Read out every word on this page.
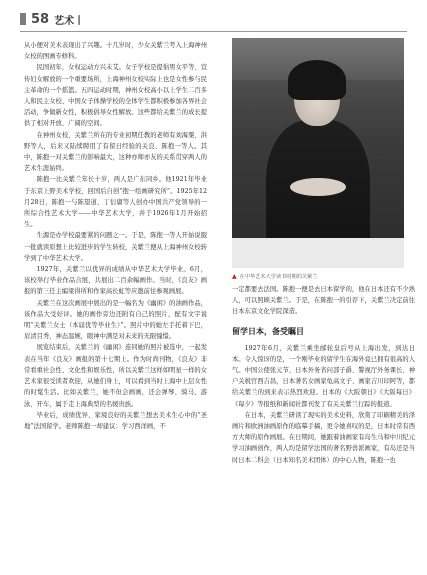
58 艺术丨

从小便对美术表现出了兴趣。十几岁时，少女关紫兰考入上海神州女校的图画专修科。

民国初年，女权运动方兴未艾。女子学校是提倡男女平等、宣传妇女解放的一个重要场所，上海神州女校实际上也是女性参与民主革命的一个摇篮。五四运动时期，神州女校高小以上学生二百多人和民主女校、中国女子体操学校的全体学生都积极参加各界社会活动，争做新女性，积极倡导女性解放。这些都给关紫兰的成长提供了相对开放、广阔的空间。

在神州女校，关紫兰所在的专业初期任教的老师有刘海粟、洪野等人，后来又陆续聘用了有留日经验的关良、陈抱一等人。其中，陈抱一对关紫兰的影响最大，这种亦师亦友的关系贯穿两人的艺术生涯始终。

陈抱一比关紫兰年长十岁，两人是广东同乡。他1921年毕业于东京上野美术学校，回国后自创“抱一绘画研究所”。1925年12月28日，陈抱一与陈望道、丁衍庸等人创办中国共产党领导的一所综合性艺术大学——中华艺术大学，并于1926年1月开始招生。

生源是办学校最要紧的问题之一。于是，陈抱一等人开始说服一批就读原想上比较进步的学生转校，关紫兰便从上海神州女校转学到了中华艺术大学。

1927年，关紫兰以优异的成绩从中华艺术大学毕业。6月，该校举行毕业作品合展，共展出二百余幅画作。当时，《良友》画报的第三任主编梁得所和作家高长虹等应邀前往参观画展。

关紫兰在这次画展中展出的是一幅名为《幽闲》的油画作品，该作品大受好评。她的画作旁边还附有自己的照片，配有文字说明“关紫兰女士（本届优等毕业生）”。照片中的她左手托着下巴，眉清目秀，神态温婉，眼神中满是对未来的无限憧憬。

展览结束后，关紫兰的《幽闲》连同她的照片被选中，一起发表在当年《良友》画报的第十七期上。作为时尚刊物，《良友》非常看重社会性、文化性和娱乐性，所以关紫兰这样如明星一样的女艺术家很受读者欢迎，从她们身上，可以看到当时上海中上层女性的时髦生活。比如关紫兰，她不但会画画，还会弹琴、骑马、游泳、开车，属于走上海典型的名媛贵族。

毕业后，成绩优异、家境良好的关紫兰想去美术生心中的“圣地”法国留学。老师陈抱一却建议：学习西洋画，不

▲ 在中华艺术大学读书时期的关紫兰

一定都要去法国。陈抱一便是去日本留学的，他在日本还有不少熟人，可以照顾关紫兰。于是，在陈抱一的引荐下，关紫兰决定前往日本东京文化学院深造。

留学日本，备受瞩目

1927年6月，关紫兰乘坐邮轮皇后号从上海出发，到达日本。令人惊讶的是，一个刚毕业的留学生在海外竟已拥有很高的人气。中国公使张元节、日本外务省问部子爵、警视厅外务课长、神户关税官西吉昌，日本著名女画家龟高文子、画家吉川印阿等，都给关紫兰的到来表示热烈欢迎。日本的《大阪朝日》《大阪每日》《每夕》等报纸和新闻社都刊发了有关关紫兰行踪的报道。

在日本，关紫兰研读了现实的美术史料，欣赏了印刷精美的泽画片和欧洲油画原作的临摹手稿，更令她喜叹的是，日本时常有西方大师的原作画展。在日期间，她跟着油画家有岛生马和中川纪元学习油画创作，两人均是留学法国的著名野兽派画家，有岛还是当时日本二科会（日本知名美术团体）的中心人物，陈抱一也
